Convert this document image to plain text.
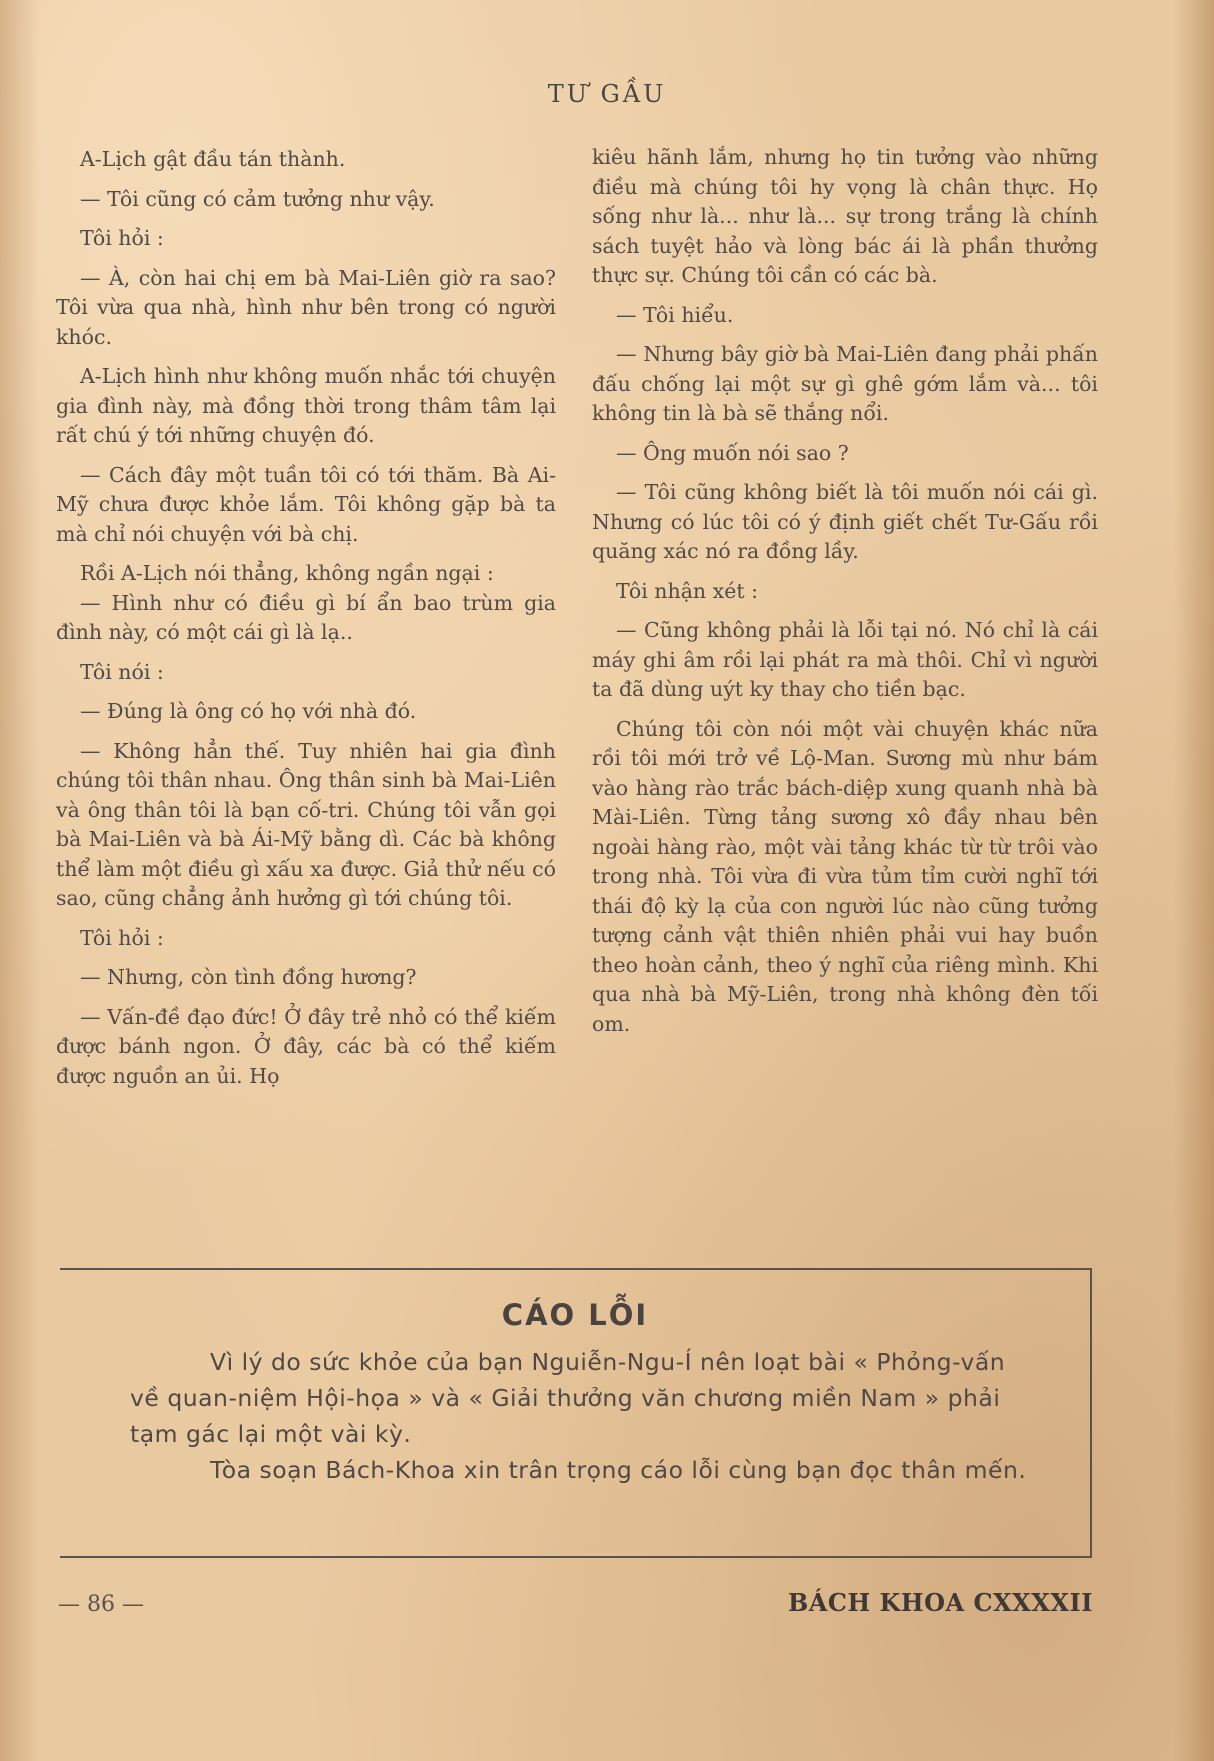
TƯ GẦU

A-Lịch gật đầu tán thành.

— Tôi cũng có cảm tưởng như vậy.

Tôi hỏi :

— À, còn hai chị em bà Mai-Liên giờ ra sao? Tôi vừa qua nhà, hình như bên trong có người khóc.

A-Lịch hình như không muốn nhắc tới chuyện gia đình này, mà đồng thời trong thâm tâm lại rất chú ý tới những chuyện đó.

— Cách đây một tuần tôi có tới thăm. Bà Ai-Mỹ chưa được khỏe lắm. Tôi không gặp bà ta mà chỉ nói chuyện với bà chị.

Rồi A-Lịch nói thẳng, không ngần ngại :

— Hình như có điều gì bí ẩn bao trùm gia đình này, có một cái gì là lạ..

Tôi nói :

— Đúng là ông có họ với nhà đó.

— Không hẳn thế. Tuy nhiên hai gia đình chúng tôi thân nhau. Ông thân sinh bà Mai-Liên và ông thân tôi là bạn cố-tri. Chúng tôi vẫn gọi bà Mai-Liên và bà Ái-Mỹ bằng dì. Các bà không thể làm một điều gì xấu xa được. Giả thử nếu có sao, cũng chẳng ảnh hưởng gì tới chúng tôi.

Tôi hỏi :

— Nhưng, còn tình đồng hương?

— Vấn-đề đạo đức! Ở đây trẻ nhỏ có thể kiếm được bánh ngon. Ở đây, các bà có thể kiếm được nguồn an ủi. Họ

kiêu hãnh lắm, nhưng họ tin tưởng vào những điều mà chúng tôi hy vọng là chân thực. Họ sống như là... như là... sự trong trắng là chính sách tuyệt hảo và lòng bác ái là phần thưởng thực sự. Chúng tôi cần có các bà.

— Tôi hiểu.

— Nhưng bây giờ bà Mai-Liên đang phải phấn đấu chống lại một sự gì ghê gớm lắm và... tôi không tin là bà sẽ thắng nổi.

— Ông muốn nói sao ?

— Tôi cũng không biết là tôi muốn nói cái gì. Nhưng có lúc tôi có ý định giết chết Tư-Gấu rồi quăng xác nó ra đồng lầy.

Tôi nhận xét :

— Cũng không phải là lỗi tại nó. Nó chỉ là cái máy ghi âm rồi lại phát ra mà thôi. Chỉ vì người ta đã dùng uýt ky thay cho tiền bạc.

Chúng tôi còn nói một vài chuyện khác nữa rồi tôi mới trở về Lộ-Man. Sương mù như bám vào hàng rào trắc bách-diệp xung quanh nhà bà Mài-Liên. Từng tảng sương xô đầy nhau bên ngoài hàng rào, một vài tảng khác từ từ trôi vào trong nhà. Tôi vừa đi vừa tủm tỉm cười nghĩ tới thái độ kỳ lạ của con người lúc nào cũng tưởng tượng cảnh vật thiên nhiên phải vui hay buồn theo hoàn cảnh, theo ý nghĩ của riêng mình. Khi qua nhà bà Mỹ-Liên, trong nhà không đèn tối om.

CÁO LỖI

Vì lý do sức khỏe của bạn Nguiễn-Ngu-Í nên loạt bài « Phỏng-vấn về quan-niệm Hội-họa » và « Giải thưởng văn chương miền Nam » phải tạm gác lại một vài kỳ.

Tòa soạn Bách-Khoa xin trân trọng cáo lỗi cùng bạn đọc thân mến.

— 86 —	BÁCH KHOA CXXXXII
